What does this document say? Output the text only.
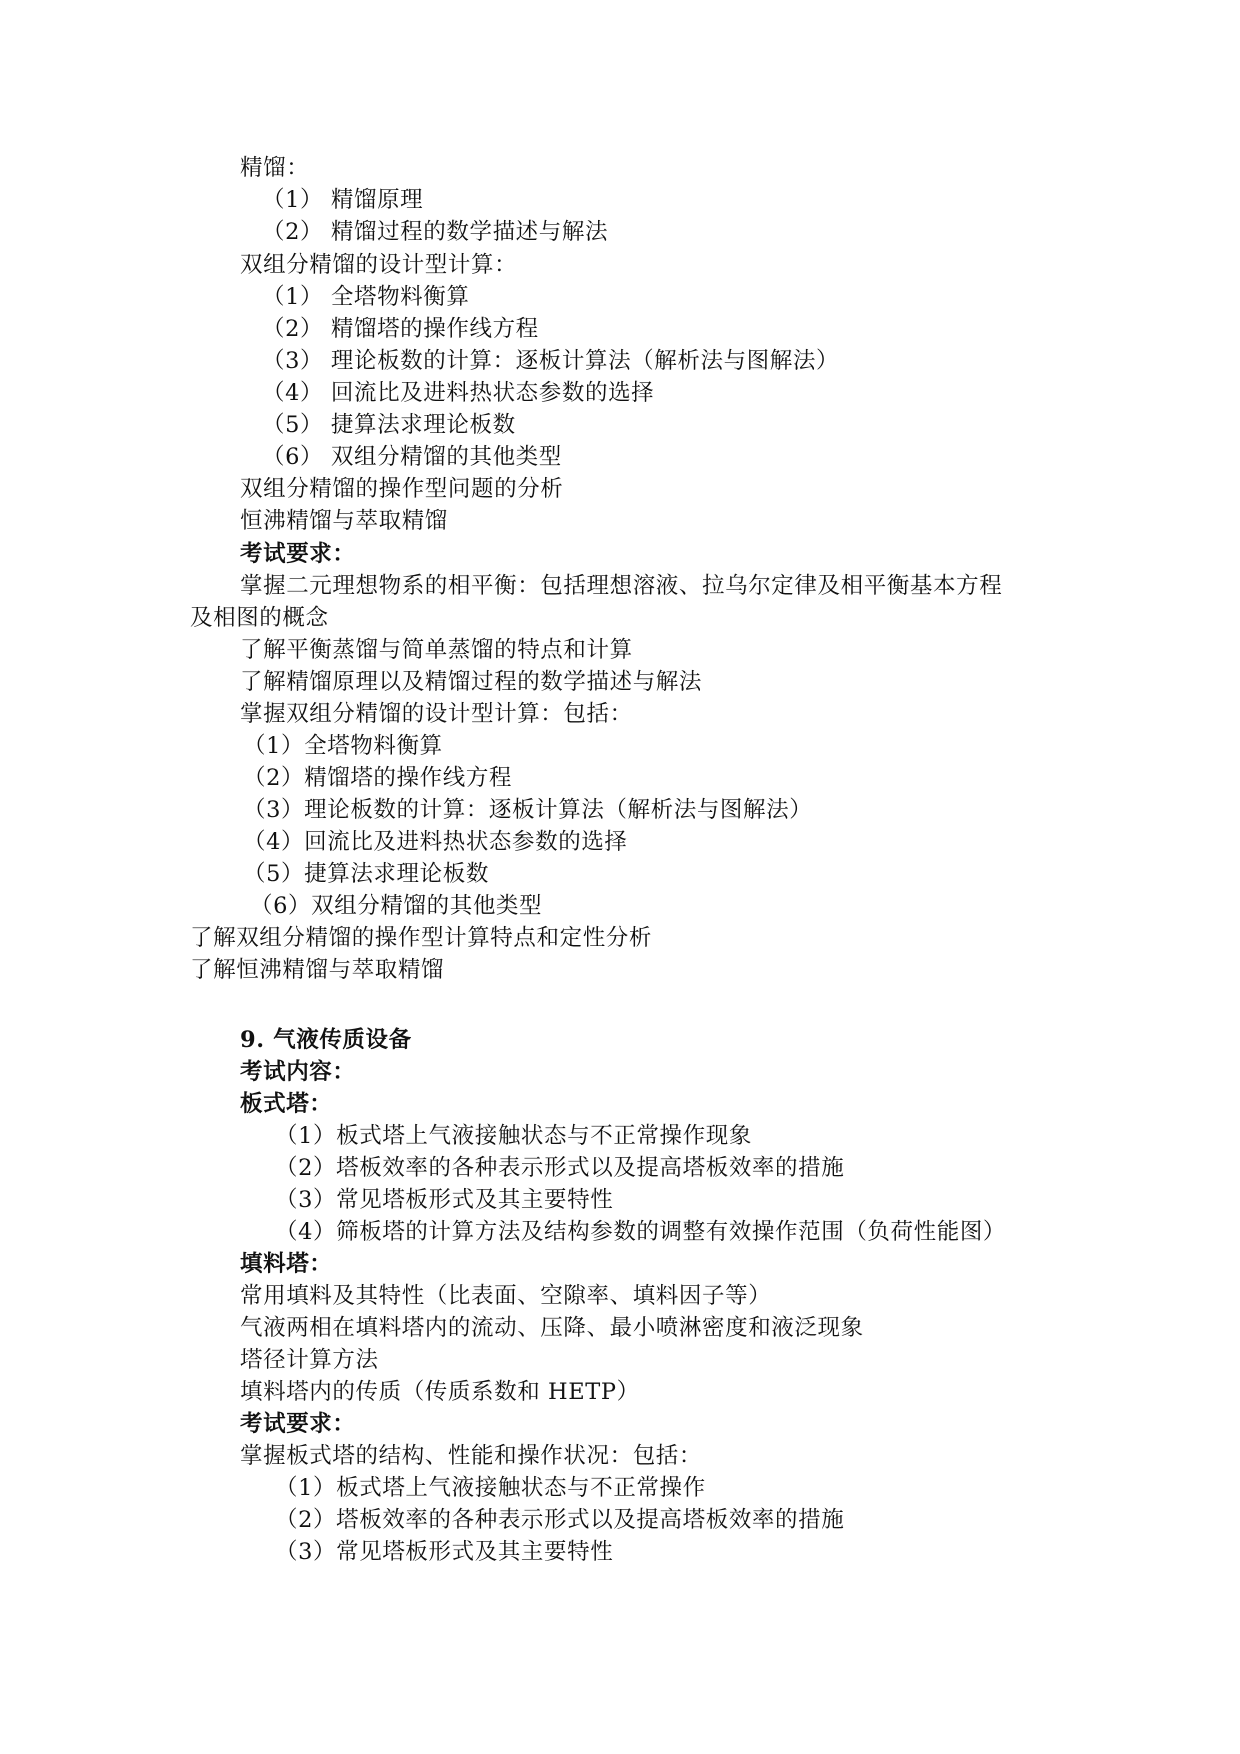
精馏：
（1） 精馏原理
（2） 精馏过程的数学描述与解法
双组分精馏的设计型计算：
（1） 全塔物料衡算
（2） 精馏塔的操作线方程
（3） 理论板数的计算：逐板计算法（解析法与图解法）
（4） 回流比及进料热状态参数的选择
（5） 捷算法求理论板数
（6） 双组分精馏的其他类型
双组分精馏的操作型问题的分析
恒沸精馏与萃取精馏
考试要求：
掌握二元理想物系的相平衡：包括理想溶液、拉乌尔定律及相平衡基本方程
及相图的概念
了解平衡蒸馏与简单蒸馏的特点和计算
了解精馏原理以及精馏过程的数学描述与解法
掌握双组分精馏的设计型计算：包括：
（1）全塔物料衡算
（2）精馏塔的操作线方程
（3）理论板数的计算：逐板计算法（解析法与图解法）
（4）回流比及进料热状态参数的选择
（5）捷算法求理论板数
（6）双组分精馏的其他类型
了解双组分精馏的操作型计算特点和定性分析
了解恒沸精馏与萃取精馏
9. 气液传质设备
考试内容：
板式塔：
（1）板式塔上气液接触状态与不正常操作现象
（2）塔板效率的各种表示形式以及提高塔板效率的措施
（3）常见塔板形式及其主要特性
（4）筛板塔的计算方法及结构参数的调整有效操作范围（负荷性能图）
填料塔：
常用填料及其特性（比表面、空隙率、填料因子等）
气液两相在填料塔内的流动、压降、最小喷淋密度和液泛现象
塔径计算方法
填料塔内的传质（传质系数和 HETP）
考试要求：
掌握板式塔的结构、性能和操作状况：包括：
（1）板式塔上气液接触状态与不正常操作
（2）塔板效率的各种表示形式以及提高塔板效率的措施
（3）常见塔板形式及其主要特性
